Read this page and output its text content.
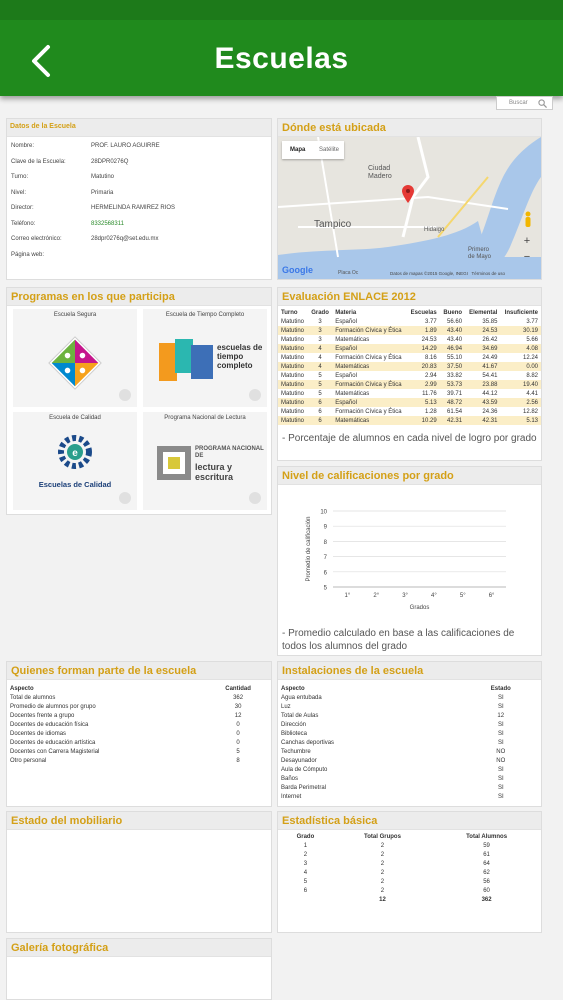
Escuelas
Buscar
Datos de la Escuela
Nombre:	PROF. LAURO AGUIRRE
Clave de la Escuela:	28DPR0276Q
Turno:	Matutino
Nivel:	Primaria
Director:	HERMELINDA RAMIREZ RIOS
Teléfono:	8332568311
Correo electrónico:	28dpr0276q@set.edu.mx
Página web:
Dónde está ubicada
Mapa Satélite
Ciudad
Madero
Tampico	Hidalgo
Primero
de Mayo
+
−
Google	Placa Oc	Datos de mapas ©2015 Google, INEGI   Términos de uso
Programas en los que participa
Escuela Segura	Escuela de Tiempo Completo
escuelas de tiempo completo
Escuela de Calidad
e
Escuelas de Calidad
Programa Nacional de Lectura
PROGRAMA NACIONAL DE
lectura y
escritura
Evaluación ENLACE 2012
Turno	Grado	Materia	Escuelas	Bueno	Elemental	Insuficiente
Matutino	3	Español	3.77	56.60	35.85	3.77
Matutino	3	Formación Cívica y Ética	1.89	43.40	24.53	30.19
Matutino	3	Matemáticas	24.53	43.40	26.42	5.66
Matutino	4	Español	14.29	46.94	34.69	4.08
Matutino	4	Formación Cívica y Ética	8.16	55.10	24.49	12.24
Matutino	4	Matemáticas	20.83	37.50	41.67	0.00
Matutino	5	Español	2.94	33.82	54.41	8.82
Matutino	5	Formación Cívica y Ética	2.99	53.73	23.88	19.40
Matutino	5	Matemáticas	11.76	39.71	44.12	4.41
Matutino	6	Español	5.13	48.72	43.59	2.56
Matutino	6	Formación Cívica y Ética	1.28	61.54	24.36	12.82
Matutino	6	Matemáticas	10.29	42.31	42.31	5.13
- Porcentaje de alumnos en cada nivel de logro por grado
Nivel de calificaciones por grado
5
6
7
8
9
10
1°	2°	3°	4°	5°	6°
Grados
Promedio de calificación
- Promedio calculado en base a las calificaciones de todos los alumnos del grado
Quienes forman parte de la escuela
Aspecto	Cantidad
Total de alumnos	362
Promedio de alumnos por grupo	30
Docentes frente a grupo	12
Docentes de educación física	0
Docentes de idiomas	0
Docentes de educación artística	0
Docentes con Carrera Magisterial	5
Otro personal	8
Instalaciones de la escuela
Aspecto	Estado
Agua entubada	SI
Luz	SI
Total de Aulas	12
Dirección	SI
Biblioteca	SI
Canchas deportivas	SI
Techumbre	NO
Desayunador	NO
Aula de Cómputo	SI
Baños	SI
Barda Perimetral	SI
Internet	SI
Estado del mobiliario	Estadística básica
Grado	Total Grupos	Total Alumnos
1	2	59
2	2	61
3	2	64
4	2	62
5	2	56
6	2	60
	12	362
Galería fotográfica
